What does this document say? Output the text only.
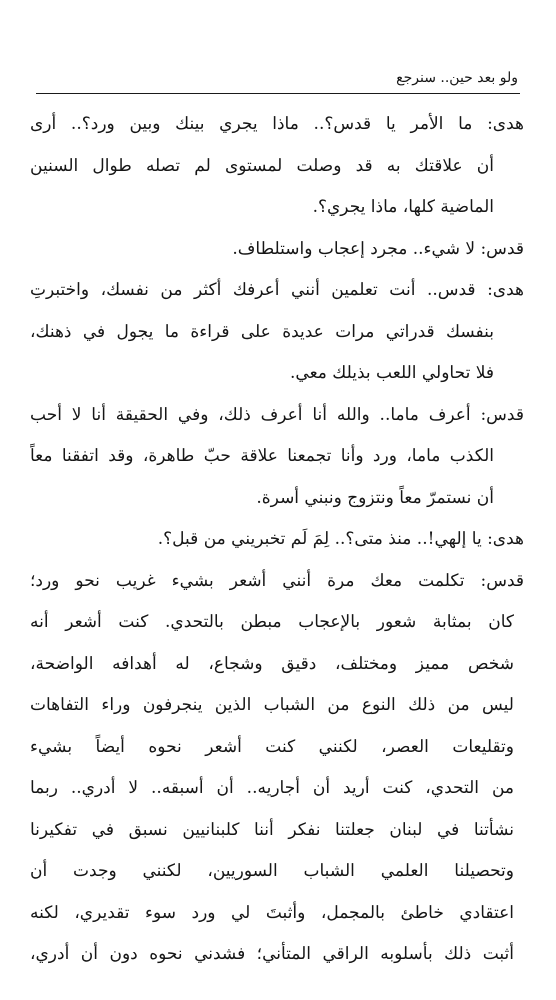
ولو بعد حين.. سنرجع
هدى: ما الأمر يا قدس؟.. ماذا يجري بينك وبين ورد؟.. أرى
أن علاقتك به قد وصلت لمستوى لم تصله طوال السنين
الماضية كلها، ماذا يجري؟.
قدس: لا شيء.. مجرد إعجاب واستلطاف.
هدى: قدس.. أنت تعلمين أنني أعرفك أكثر من نفسك، واختبرتِ
بنفسك قدراتي مرات عديدة على قراءة ما يجول في ذهنك،
فلا تحاولي اللعب بذيلك معي.
قدس: أعرف ماما.. والله أنا أعرف ذلك، وفي الحقيقة أنا لا أحب
الكذب ماما، ورد وأنا تجمعنا علاقة حبّ طاهرة، وقد اتفقنا معاً
أن نستمرّ معاً ونتزوج ونبني أسرة.
هدى: يا إلهي!.. منذ متى؟.. لِمَ لَم تخبريني من قبل؟.
قدس: تكلمت معك مرة أنني أشعر بشيء غريب نحو ورد؛
كان بمثابة شعور بالإعجاب مبطن بالتحدي. كنت أشعر أنه
شخص مميز ومختلف، دقيق وشجاع، له أهدافه الواضحة،
ليس من ذلك النوع من الشباب الذين ينجرفون وراء التفاهات
وتقليعات العصر، لكنني كنت أشعر نحوه أيضاً بشيء
من التحدي، كنت أريد أن أجاريه.. أن أسبقه.. لا أدري.. ربما
نشأتنا في لبنان جعلتنا نفكر أننا كلبنانيين نسبق في تفكيرنا
وتحصيلنا العلمي الشباب السوريين، لكنني وجدت أن
اعتقادي خاطئ بالمجمل، وأثبتَ لي ورد سوء تقديري، لكنه
أثبت ذلك بأسلوبه الراقي المتأني؛ فشدني نحوه دون أن أدري،
